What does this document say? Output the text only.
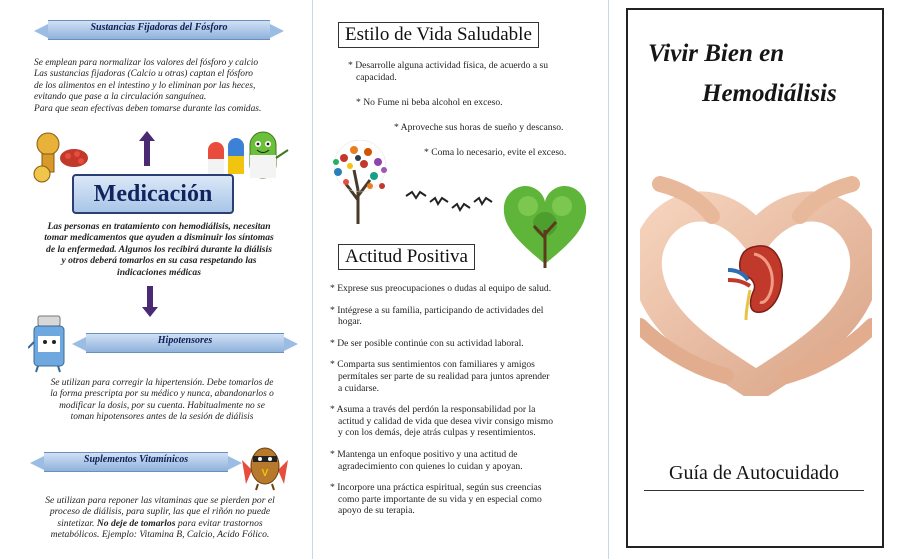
Sustancias Fijadoras del Fósforo
Se emplean para normalizar los valores del fósforo y calcio
Las sustancias fijadoras (Calcio u otras) captan el fósforo
de los alimentos en el intestino y lo eliminan por las heces,
evitando que pase a la circulación sanguínea.
Para que sean efectivas deben tomarse durante las comidas.
Medicación
Las personas en tratamiento con hemodiálisis, necesitan
tomar medicamentos que ayuden a disminuir los síntomas
de la enfermedad. Algunos los recibirá durante la diálisis
y otros deberá tomarlos en su casa respetando las
indicaciones médicas
Hipotensores
Se utilizan para corregir la hipertensión. Debe tomarlos de
la forma prescripta por su médico y nunca, abandonarlos o
modificar la dosis, por su cuenta. Habitualmente no se
toman hipotensores antes de la sesión de diálisis
Suplementos Vitamínicos
V
Se utilizan para reponer las vitaminas que se pierden por el
proceso de diálisis, para suplir, las que el riñón no puede
sintetizar. No deje de tomarlos para evitar trastornos
metabólicos. Ejemplo: Vitamina B, Calcio, Acido Fólico.
Estilo de Vida Saludable
* Desarrolle alguna actividad física, de acuerdo a su
capacidad.
* No Fume ni beba alcohol en exceso.
* Aproveche sus horas de sueño y descanso.
* Coma lo necesario, evite el exceso.
Actitud Positiva
* Exprese sus preocupaciones o dudas al equipo de salud.
* Intégrese a su familia, participando de actividades del
hogar.
* De ser posible continúe con su actividad laboral.
* Comparta sus sentimientos con familiares y amigos
permítales ser parte de su realidad para juntos aprender
a cuidarse.
* Asuma a través del perdón la responsabilidad por la
actitud y calidad de vida que desea vivir consigo mismo
y con los demás, deje atrás culpas y resentimientos.
* Mantenga un enfoque positivo y una actitud de
agradecimiento con quienes lo cuidan y apoyan.
* Incorpore una práctica espiritual, según sus creencias
como parte importante de su vida y en especial como
apoyo de su terapia.
Vivir Bien en
Hemodiálisis
Guía de Autocuidado
